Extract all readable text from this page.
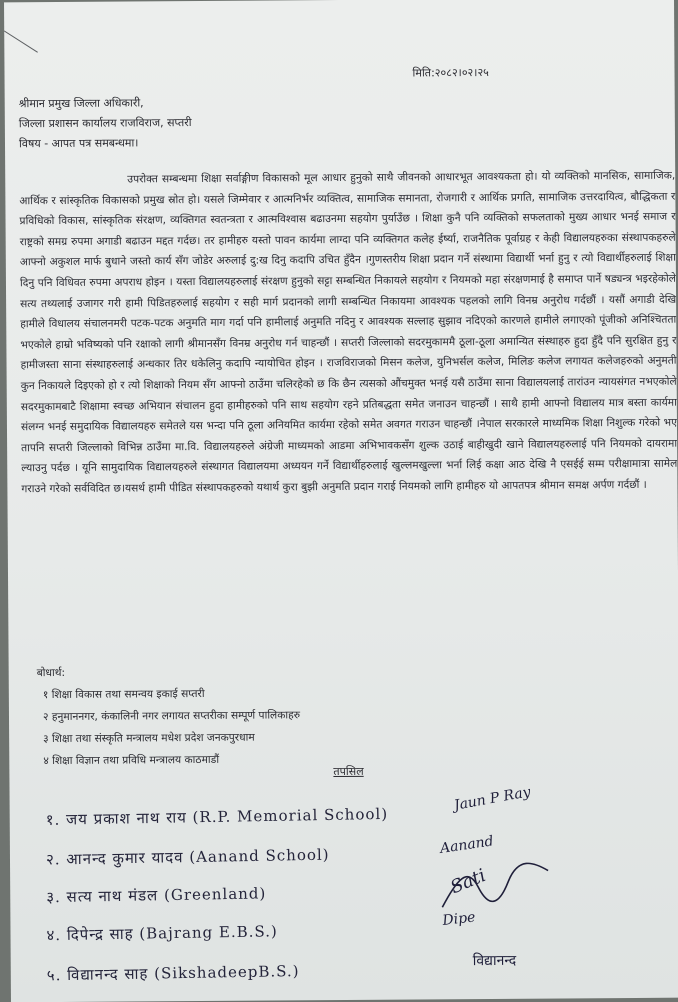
मिति:२०८२।०२।२५
श्रीमान प्रमुख जिल्ला अधिकारी,
जिल्ला प्रशासन कार्यालय राजविराज, सप्तरी
विषय - आपत पत्र समबन्धमा।
उपरोक्त सम्बन्धमा शिक्षा सर्वाङ्गीण विकासको मूल आधार हुनुको साथै जीवनको आधारभूत आवश्यकता हो। यो व्यक्तिको मानसिक, सामाजिक, आर्थिक र सांस्कृतिक विकासको प्रमुख स्रोत हो। यसले जिम्मेवार र आत्मनिर्भर व्यक्तित्व, सामाजिक समानता, रोजगारी र आर्थिक प्रगति, सामाजिक उत्तरदायित्व, बौद्धिकता र प्रविधिको विकास, सांस्कृतिक संरक्षण, व्यक्तिगत स्वतन्त्रता र आत्मविश्वास बढाउनमा सहयोग पुर्याउँछ । शिक्षा कुनै पनि व्यक्तिको सफलताको मुख्य आधार भनई समाज र राष्ट्रको समग्र रुपमा अगाडी बढाउन मद्दत गर्दछ। तर हामीहरु यस्तो पावन कार्यमा लाग्दा पनि व्यक्तिगत कलेह ईर्ष्या, राजनैतिक पूर्वाग्रह र केही विद्यालयहरुका संस्थापकहरुले आफ्नो अकुशल मार्फ बुधाने जस्तो कार्य सँग जोडेर अरुलाई दु:ख दिनु कदापि उचित हुँदैन ।गुणस्तरीय शिक्षा प्रदान गर्ने संस्थामा विद्यार्थी भर्ना हुनु र त्यो विद्यार्थीहरुलाई शिक्षा दिनु पनि विधिवत रुपमा अपराध होइन । यस्ता विद्यालयहरुलाई संरक्षण हुनुको सट्टा सम्बन्धित निकायले सहयोग र नियमको महा संरक्षणमाई है समाप्त पार्ने षड्यन्त्र भइरहेकोले सत्य तथ्यलाई उजागर गरी हामी पिडितहरुलाई सहयोग र सही मार्ग प्रदानको लागी सम्बन्धित निकायमा आवश्यक पहलको लागि विनम्र अनुरोध गर्दछौं । यसौं अगाडी देखि हामीले विधालय संचालनमरी पटक-पटक अनुमति माग गर्दा पनि हामीलाई अनुमति नदिनु र आवश्यक सल्लाह सुझाव नदिएको कारणले हामीले लगाएको पूंजीको अनिश्चितता भएकोले हाम्रो भविष्यको पनि रक्षाको लागी श्रीमानसँग विनम्र अनुरोध गर्न चाहन्छौं । सप्तरी जिल्लाको सदरमुकाममै ठूला-ठूला अमान्यित संस्थाहरु हुदा हुँदै पनि सुरक्षित हुनु र हामीजस्ता साना संस्थाहरुलाई अन्धकार तिर धकेलिनु कदापि न्यायोचित होइन । राजविराजको मिसन कलेज, युनिभर्सल कलेज, मिलिङ कलेज लगायत कलेजहरुको अनुमती कुन निकायले दिइएको हो र त्यो शिक्षाको नियम सँग आफ्नो ठाउँमा चलिरहेको छ कि छैन त्यसको औंचमुक्त भनई यसै ठाउँमा साना विद्यालयलाई तारांउन न्यायसंगत नभएकोले सदरमुकामबाटै शिक्षामा स्वच्छ अभियान संचालन हुदा हामीहरुको पनि साथ सहयोग रहने प्रतिबद्धता समेत जनाउन चाहन्छौं । साथै हामी आफ्नो विद्यालय मात्र बस्ता कार्यमा संलग्न भनई समुदायिक विद्यालयहरु समेतले यस भन्दा पनि ठूला अनियमित कार्यमा रहेको समेत अवगत गराउन चाहन्छौं ।नेपाल सरकारले माध्यमिक शिक्षा निशुल्क गरेको भए तापनि सप्तरी जिल्लाको विभिन्न ठाउँमा मा.वि. विद्यालयहरुले अंग्रेजी माध्यमको आडमा अभिभावकसँग शुल्क उठाई बाहीखुदी खाने विद्यालयहरुलाई पनि नियमको दायरामा ल्याउनु पर्दछ । यूनि सामुदायिक विद्यालयहरुले संस्थागत विद्यालयमा अध्ययन गर्ने विद्यार्थीहरुलाई खुल्लमखुल्ला भर्ना लिई कक्षा आठ देखि नै एसईई सम्म परीक्षामात्रा सामेल गराउने गरेको सर्वविदित छ।यसर्थ हामी पीडित संस्थापकहरुको यथार्थ कुरा बुझी अनुमति प्रदान गराई नियमको लागि हामीहरु यो आपतपत्र श्रीमान समक्ष अर्पण गर्दछौं ।
बोधार्थ:
१ शिक्षा विकास तथा समन्वय इकाई सप्तरी
२ हनुमाननगर, कंकालिनी नगर लगायत सप्तरीका सम्पूर्ण पालिकाहरु
३ शिक्षा तथा संस्कृति मन्त्रालय मधेश प्रदेश जनकपुरधाम
४ शिक्षा विज्ञान तथा प्रविधि मन्त्रालय काठमाडौं
तपसिल
१. जय प्रकाश नाथ राय (R.P. Memorial School)
Jaun P Ray
२. आनन्द कुमार यादव (Aanand School)
Aanand
३. सत्य नाथ मंडल (Greenland)	Sati
४. दिपेन्द्र साह (Bajrang E.B.S.)
Dipe
५. विद्यानन्द साह (SikshadeepB.S.)
विद्यानन्द
